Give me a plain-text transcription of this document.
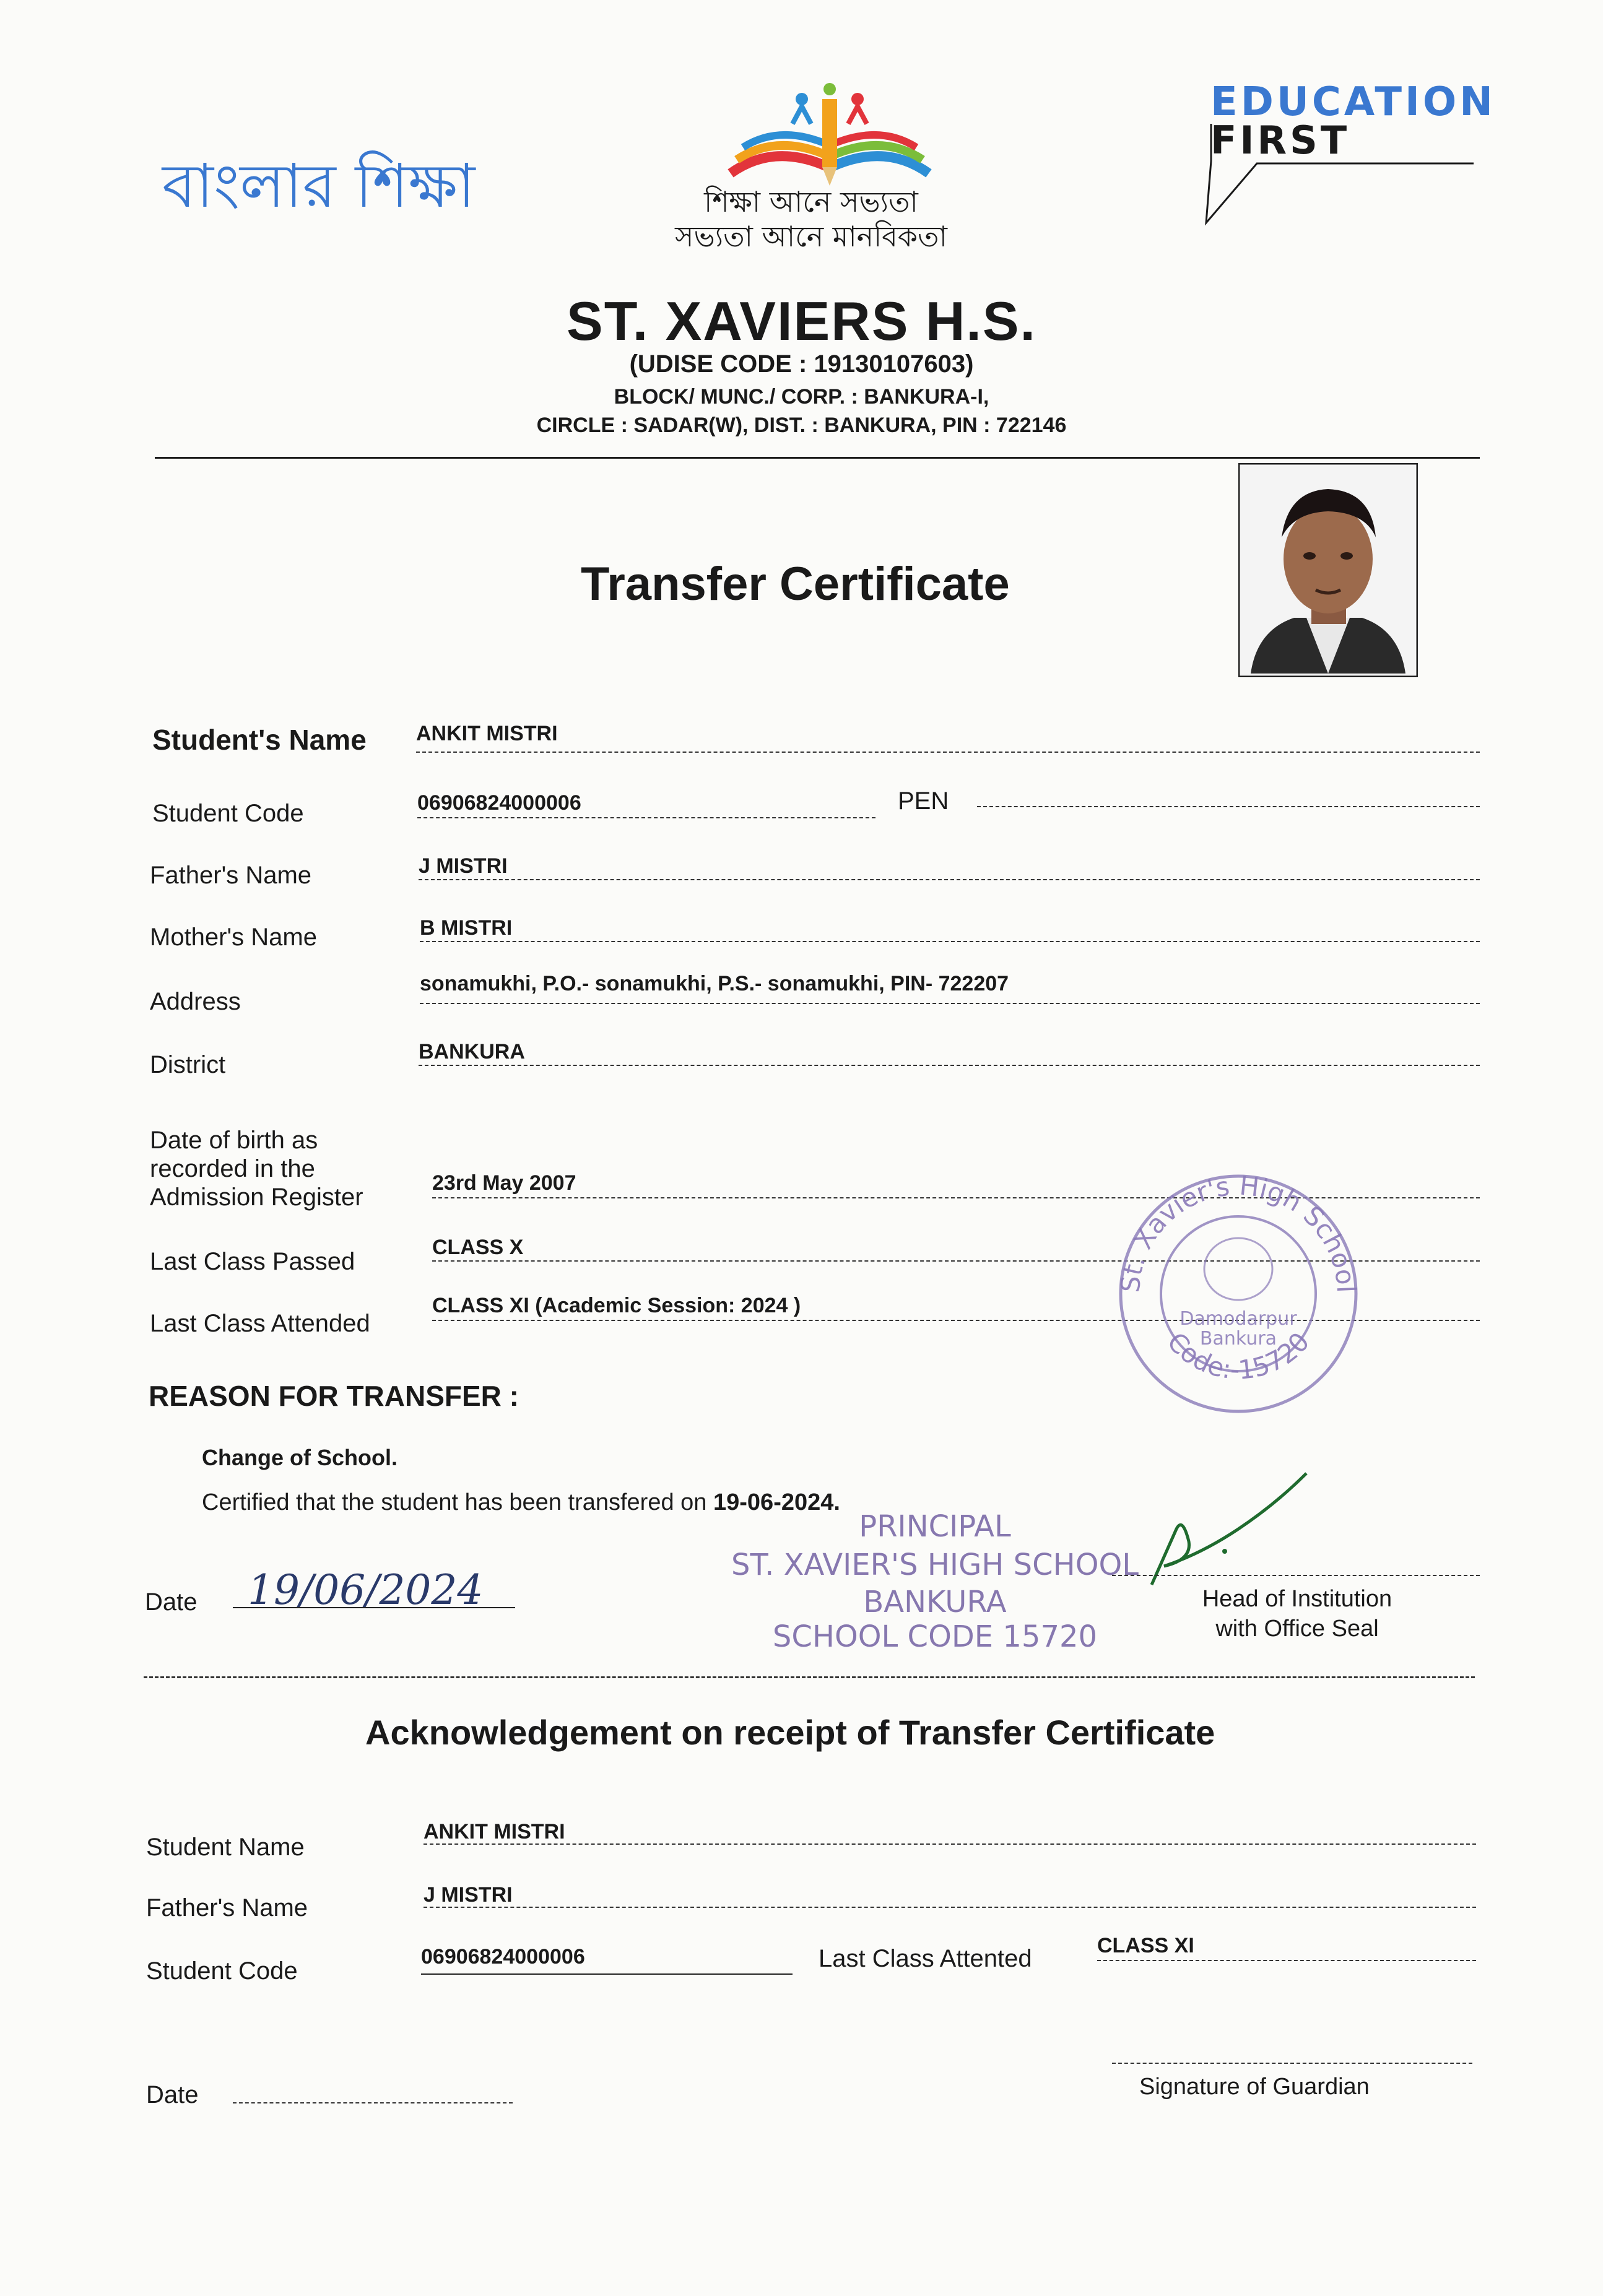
বাংলার শিক্ষা	শিক্ষা আনে সভ্যতা
সভ্যতা আনে মানবিকতা
EDUCATION
FIRST
ST. XAVIERS H.S.
(UDISE CODE : 19130107603)
BLOCK/ MUNC./ CORP. : BANKURA-I,
CIRCLE : SADAR(W), DIST. : BANKURA, PIN : 722146
Transfer Certificate
Student's Name ANKIT MISTRI
Student Code	06906824000006	PEN
Father's Name	J MISTRI
Mother's Name	B MISTRI
Address
sonamukhi, P.O.- sonamukhi, P.S.- sonamukhi, PIN- 722207
District	BANKURA
Date of birth as
recorded in the
Admission Register
23rd May 2007
Last Class Passed
CLASS X
Last Class Attended
CLASS XI (Academic Session: 2024 )
St. Xavier's High School
Code:-15720
Damodarpur
Bankura
REASON FOR TRANSFER :
Change of School.
Certified that the student has been transfered on 19-06-2024.
Date 19/06/2024
PRINCIPAL
ST. XAVIER'S HIGH SCHOOL
BANKURA
SCHOOL CODE 15720
Head of Institution
with Office Seal
Acknowledgement on receipt of Transfer Certificate
Student Name
ANKIT MISTRI
Father's Name	J MISTRI
Student Code
06906824000006	Last Class Attented	CLASS XI
Date	Signature of Guardian
